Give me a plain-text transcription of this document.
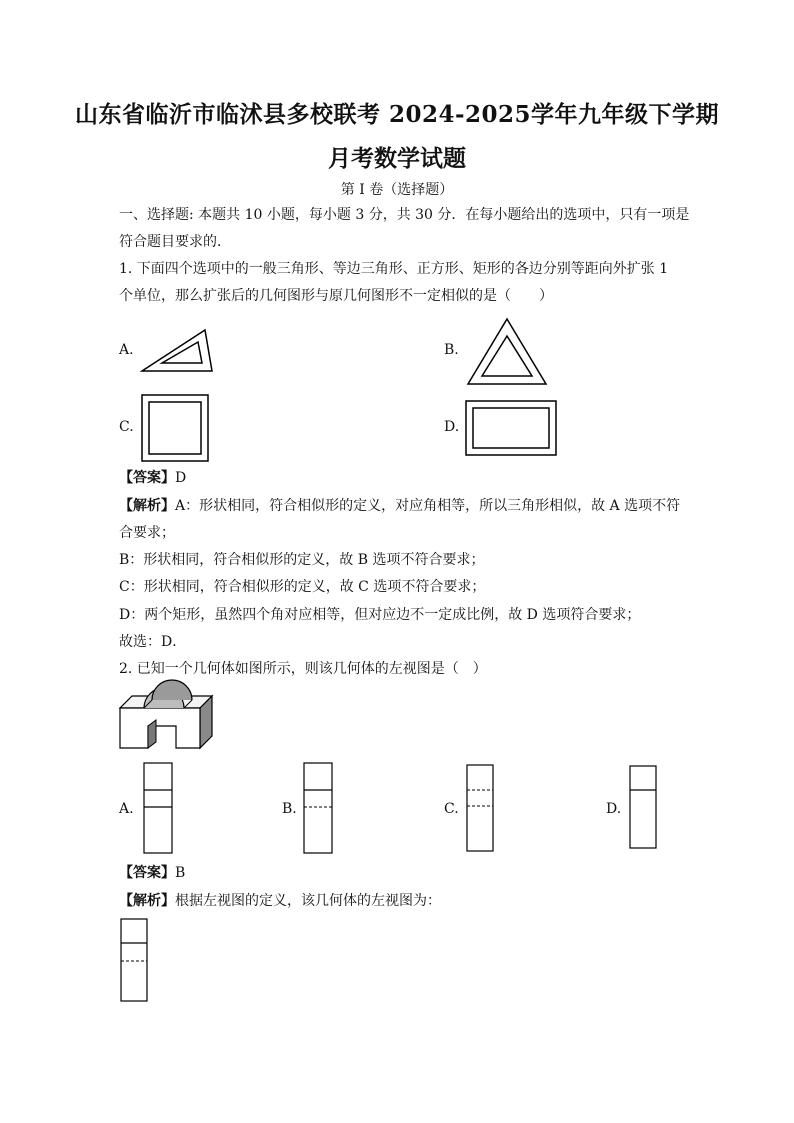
山东省临沂市临沭县多校联考 2024-2025学年九年级下学期
月考数学试题
第 I 卷（选择题）
一、选择题: 本题共 10 小题，每小题 3 分，共 30 分．在每小题给出的选项中，只有一项是
符合题目要求的．
1. 下面四个选项中的一般三角形、等边三角形、正方形、矩形的各边分别等距向外扩张 1
个单位，那么扩张后的几何图形与原几何图形不一定相似的是（　　）
A.	B.
C.	D.
【答案】D
【解析】A：形状相同，符合相似形的定义，对应角相等，所以三角形相似，故 A 选项不符
合要求；
B：形状相同，符合相似形的定义，故 B 选项不符合要求；
C：形状相同，符合相似形的定义，故 C 选项不符合要求；
D：两个矩形，虽然四个角对应相等，但对应边不一定成比例，故 D 选项符合要求；
故选：D．
2. 已知一个几何体如图所示，则该几何体的左视图是（　）
A.	B.	C.	D.
【答案】B
【解析】根据左视图的定义，该几何体的左视图为：
